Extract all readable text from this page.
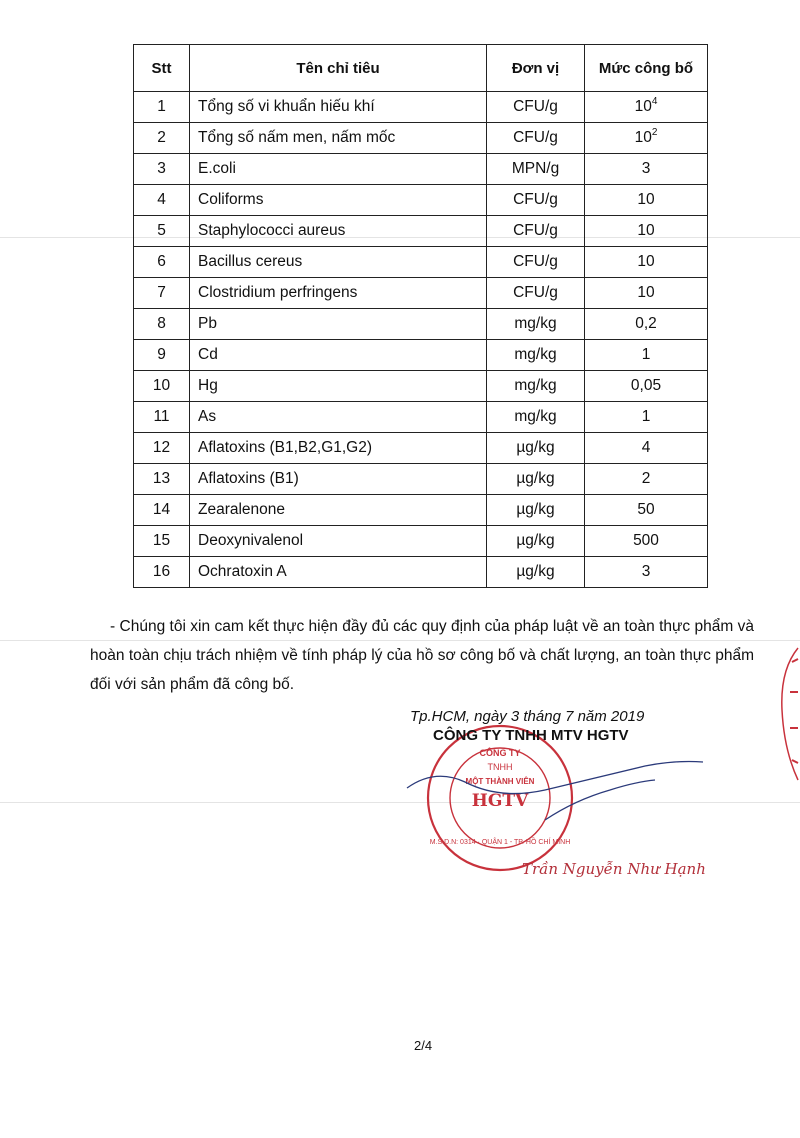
Stt	Tên chỉ tiêu	Đơn vị	Mức công bố
1	Tổng số vi khuẩn hiếu khí	CFU/g	$10^4$
2	Tổng số nấm men, nấm mốc	CFU/g	$10^2$
3	E.coli	MPN/g	3
4	Coliforms	CFU/g	10
5	Staphylococci aureus	CFU/g	10
6	Bacillus cereus	CFU/g	10
7	Clostridium perfringens	CFU/g	10
8	Pb	mg/kg	0,2
9	Cd	mg/kg	1
10	Hg	mg/kg	0,05
11	As	mg/kg	1
12	Aflatoxins (B1,B2,G1,G2)	µg/kg	4
13	Aflatoxins (B1)	µg/kg	2
14	Zearalenone	µg/kg	50
15	Deoxynivalenol	µg/kg	500
16	Ochratoxin A	µg/kg	3
- Chúng tôi xin cam kết thực hiện đầy đủ các quy định của pháp luật về an toàn thực phẩm và hoàn toàn chịu trách nhiệm về tính pháp lý của hồ sơ công bố và chất lượng, an toàn thực phẩm đối với sản phẩm đã công bố.
Tp.HCM, ngày 3 tháng 7 năm 2019
CÔNG TY
TNHH
MỘT THÀNH VIÊN
HGTV
M.S.D.N: 0314 · QUẬN 1 - TP. HỒ CHÍ MINH
CÔNG TY TNHH MTV HGTV
Trần Nguyễn Như Hạnh
2/4
